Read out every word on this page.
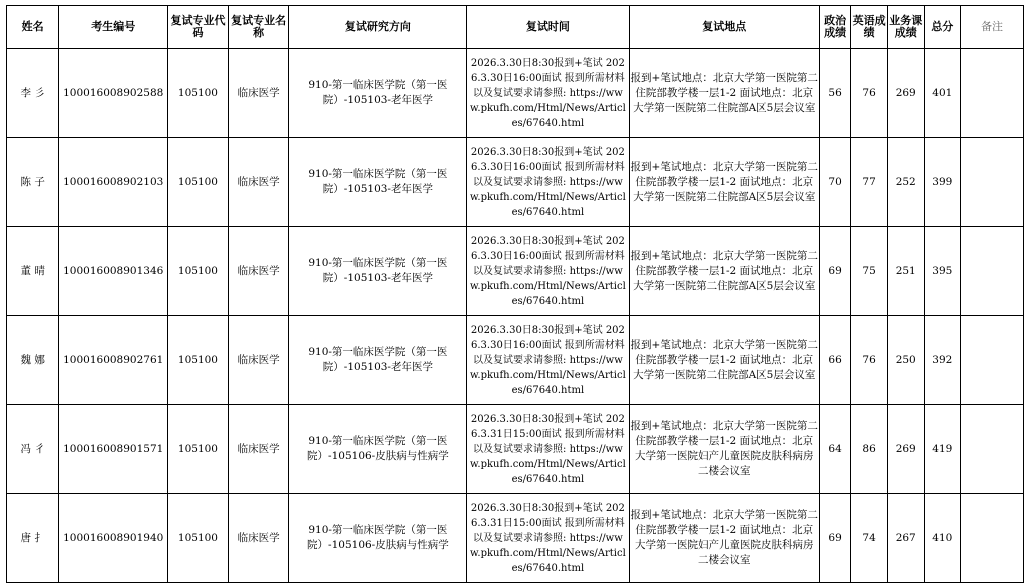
姓名	考生编号	复试专业代码	复试专业名称	复试研究方向	复试时间	复试地点	政治成绩	英语成绩	业务课成绩	总分	备注
李 彡	100016008902588	105100	临床医学	910-第一临床医学院（第一医院）-105103-老年医学	2026.3.30日8:30报到+笔试 2026.3.30日16:00面试 报到所需材料以及复试要求请参照: https://www.pkufh.com/Html/News/Articles/67640.html	报到+笔试地点：北京大学第一医院第二住院部教学楼一层1-2 面试地点：北京大学第一医院第二住院部A区5层会议室	56	76	269	401	
陈 子	100016008902103	105100	临床医学	910-第一临床医学院（第一医院）-105103-老年医学	2026.3.30日8:30报到+笔试 2026.3.30日16:00面试 报到所需材料以及复试要求请参照: https://www.pkufh.com/Html/News/Articles/67640.html	报到+笔试地点：北京大学第一医院第二住院部教学楼一层1-2 面试地点：北京大学第一医院第二住院部A区5层会议室	70	77	252	399	
董 晴	100016008901346	105100	临床医学	910-第一临床医学院（第一医院）-105103-老年医学	2026.3.30日8:30报到+笔试 2026.3.30日16:00面试 报到所需材料以及复试要求请参照: https://www.pkufh.com/Html/News/Articles/67640.html	报到+笔试地点：北京大学第一医院第二住院部教学楼一层1-2 面试地点：北京大学第一医院第二住院部A区5层会议室	69	75	251	395	
魏 娜	100016008902761	105100	临床医学	910-第一临床医学院（第一医院）-105103-老年医学	2026.3.30日8:30报到+笔试 2026.3.30日16:00面试 报到所需材料以及复试要求请参照: https://www.pkufh.com/Html/News/Articles/67640.html	报到+笔试地点：北京大学第一医院第二住院部教学楼一层1-2 面试地点：北京大学第一医院第二住院部A区5层会议室	66	76	250	392	
冯 彳	100016008901571	105100	临床医学	910-第一临床医学院（第一医院）-105106-皮肤病与性病学	2026.3.30日8:30报到+笔试 2026.3.31日15:00面试 报到所需材料以及复试要求请参照: https://www.pkufh.com/Html/News/Articles/67640.html	报到+笔试地点：北京大学第一医院第二住院部教学楼一层1-2 面试地点：北京大学第一医院妇产儿童医院皮肤科病房二楼会议室	64	86	269	419	
唐 扌	100016008901940	105100	临床医学	910-第一临床医学院（第一医院）-105106-皮肤病与性病学	2026.3.30日8:30报到+笔试 2026.3.31日15:00面试 报到所需材料以及复试要求请参照: https://www.pkufh.com/Html/News/Articles/67640.html	报到+笔试地点：北京大学第一医院第二住院部教学楼一层1-2 面试地点：北京大学第一医院妇产儿童医院皮肤科病房二楼会议室	69	74	267	410	
